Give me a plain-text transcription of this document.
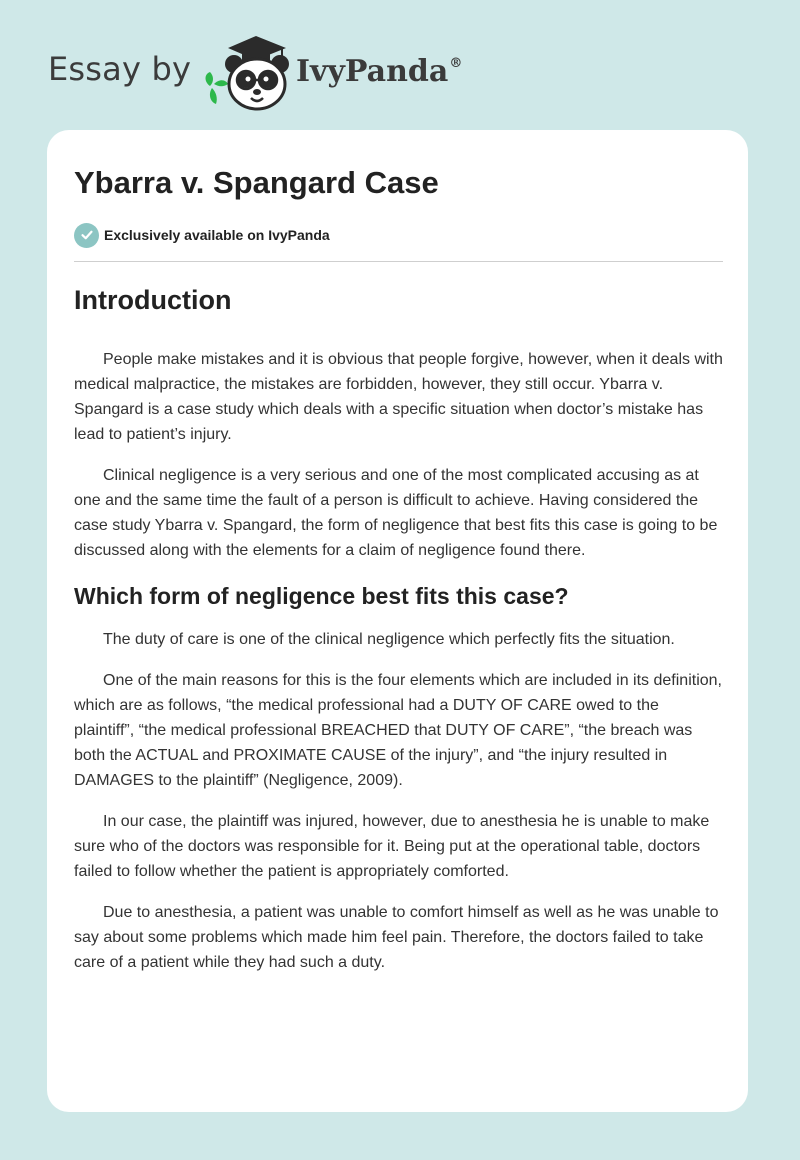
Essay by	IvyPanda®
Ybarra v. Spangard Case
Exclusively available on IvyPanda
Introduction

People make mistakes and it is obvious that people forgive, however, when it deals with medical malpractice, the mistakes are forbidden, however, they still occur. Ybarra v. Spangard is a case study which deals with a specific situation when doctor’s mistake has lead to patient’s injury.

Clinical negligence is a very serious and one of the most complicated accusing as at one and the same time the fault of a person is difficult to achieve. Having considered the case study Ybarra v. Spangard, the form of negligence that best fits this case is going to be discussed along with the elements for a claim of negligence found there.

Which form of negligence best fits this case?

The duty of care is one of the clinical negligence which perfectly fits the situation.

One of the main reasons for this is the four elements which are included in its definition, which are as follows, “the medical professional had a DUTY OF CARE owed to the plaintiff”, “the medical professional BREACHED that DUTY OF CARE”, “the breach was both the ACTUAL and PROXIMATE CAUSE of the injury”, and “the injury resulted in DAMAGES to the plaintiff” (Negligence, 2009).

In our case, the plaintiff was injured, however, due to anesthesia he is unable to make sure who of the doctors was responsible for it. Being put at the operational table, doctors failed to follow whether the patient is appropriately comforted.

Due to anesthesia, a patient was unable to comfort himself as well as he was unable to say about some problems which made him feel pain. Therefore, the doctors failed to take care of a patient while they had such a duty.
